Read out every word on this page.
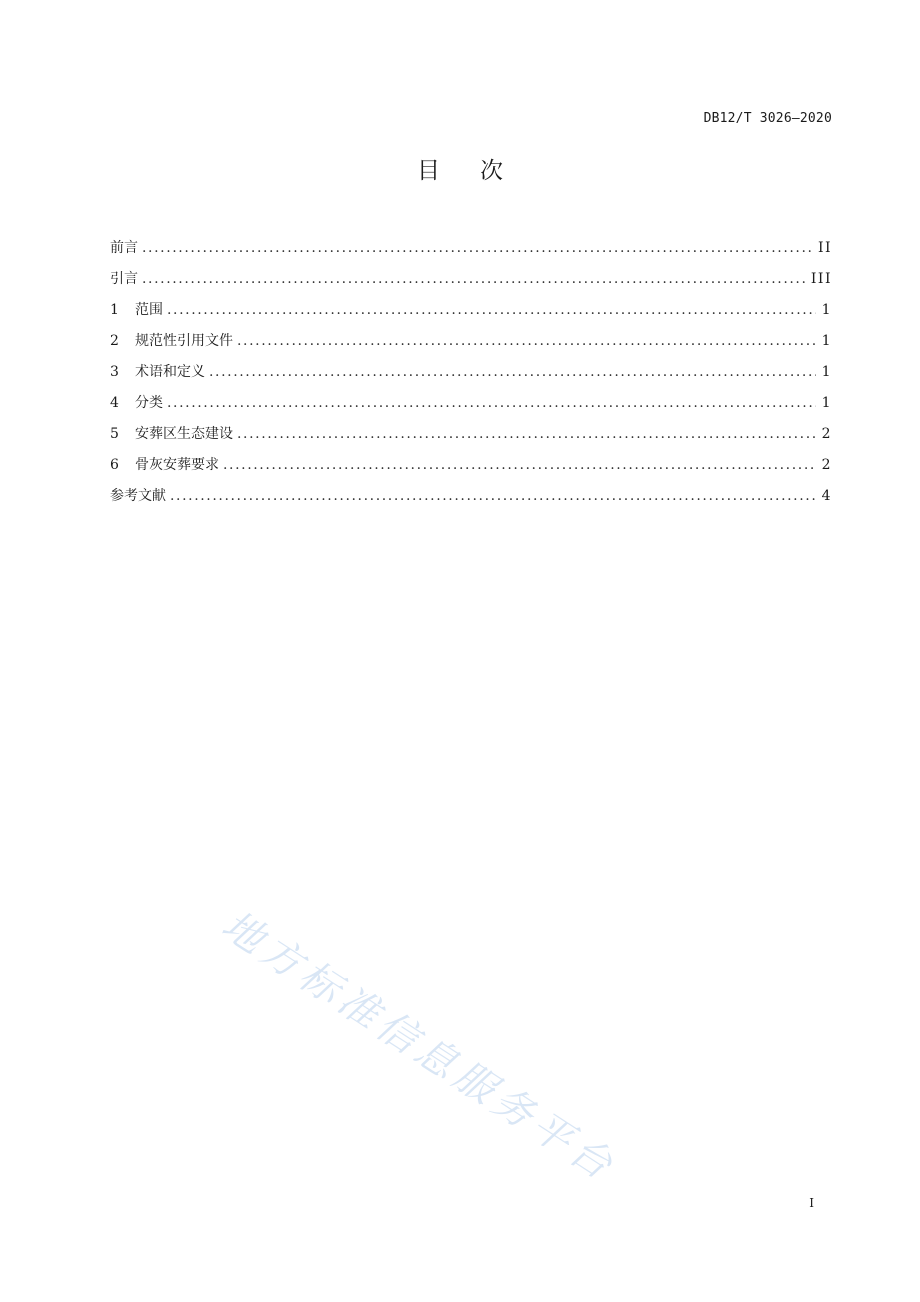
DB12/T 3026—2020
目次
前言 .....	II
引言 .....	III
1	范围 .....	1
2	规范性引用文件 .....	1
3	术语和定义 .....	1
4	分类 .....	1
5	安葬区生态建设 .....	2
6	骨灰安葬要求 .....	2
参考文献 .....	4
地方标准信息服务平台
I
